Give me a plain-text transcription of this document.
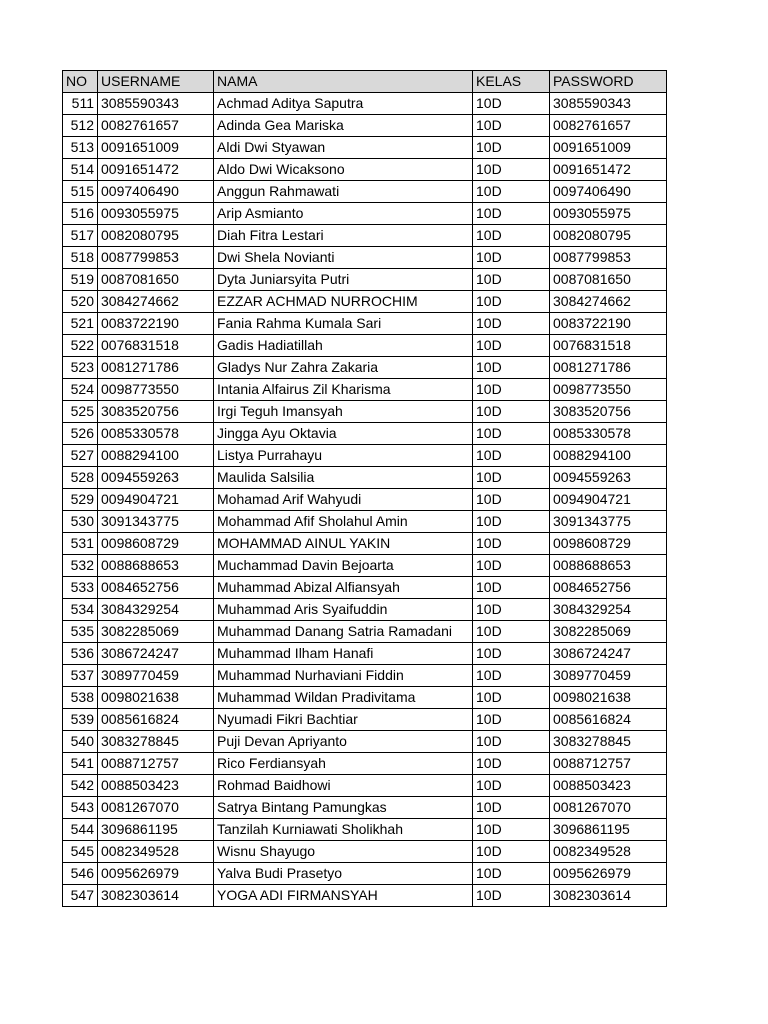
NO	USERNAME	NAMA	KELAS	PASSWORD
511	3085590343	Achmad Aditya Saputra	10D	3085590343
512	0082761657	Adinda Gea Mariska	10D	0082761657
513	0091651009	Aldi Dwi Styawan	10D	0091651009
514	0091651472	Aldo Dwi Wicaksono	10D	0091651472
515	0097406490	Anggun Rahmawati	10D	0097406490
516	0093055975	Arip Asmianto	10D	0093055975
517	0082080795	Diah Fitra Lestari	10D	0082080795
518	0087799853	Dwi Shela Novianti	10D	0087799853
519	0087081650	Dyta Juniarsyita Putri	10D	0087081650
520	3084274662	EZZAR ACHMAD NURROCHIM	10D	3084274662
521	0083722190	Fania Rahma Kumala Sari	10D	0083722190
522	0076831518	Gadis Hadiatillah	10D	0076831518
523	0081271786	Gladys Nur Zahra Zakaria	10D	0081271786
524	0098773550	Intania Alfairus Zil Kharisma	10D	0098773550
525	3083520756	Irgi Teguh Imansyah	10D	3083520756
526	0085330578	Jingga Ayu Oktavia	10D	0085330578
527	0088294100	Listya Purrahayu	10D	0088294100
528	0094559263	Maulida Salsilia	10D	0094559263
529	0094904721	Mohamad Arif Wahyudi	10D	0094904721
530	3091343775	Mohammad Afif Sholahul Amin	10D	3091343775
531	0098608729	MOHAMMAD AINUL YAKIN	10D	0098608729
532	0088688653	Muchammad Davin Bejoarta	10D	0088688653
533	0084652756	Muhammad Abizal Alfiansyah	10D	0084652756
534	3084329254	Muhammad Aris Syaifuddin	10D	3084329254
535	3082285069	Muhammad Danang Satria Ramadani	10D	3082285069
536	3086724247	Muhammad Ilham Hanafi	10D	3086724247
537	3089770459	Muhammad Nurhaviani Fiddin	10D	3089770459
538	0098021638	Muhammad Wildan Pradivitama	10D	0098021638
539	0085616824	Nyumadi Fikri Bachtiar	10D	0085616824
540	3083278845	Puji Devan Apriyanto	10D	3083278845
541	0088712757	Rico Ferdiansyah	10D	0088712757
542	0088503423	Rohmad Baidhowi	10D	0088503423
543	0081267070	Satrya Bintang Pamungkas	10D	0081267070
544	3096861195	Tanzilah Kurniawati Sholikhah	10D	3096861195
545	0082349528	Wisnu Shayugo	10D	0082349528
546	0095626979	Yalva Budi Prasetyo	10D	0095626979
547	3082303614	YOGA ADI FIRMANSYAH	10D	3082303614
